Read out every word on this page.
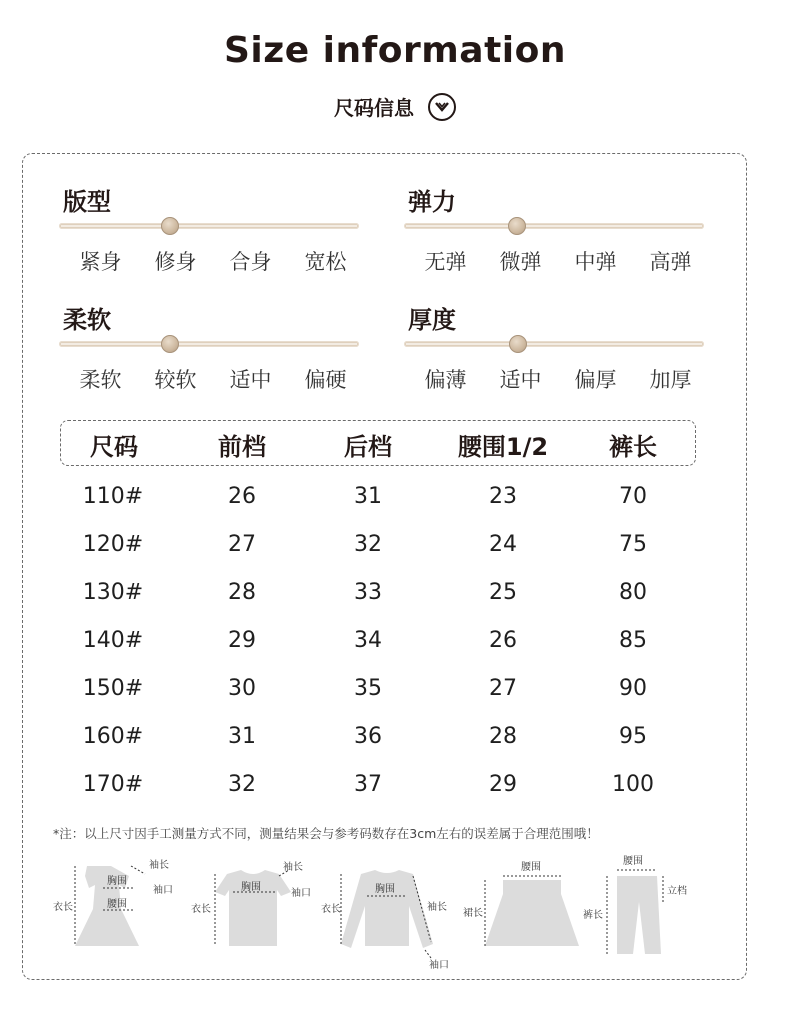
Size information
尺码信息
版型
紧身	修身	合身	宽松
弹力
无弹	微弹	中弹	高弹
柔软
柔软	较软	适中	偏硬
厚度
偏薄	适中	偏厚	加厚
尺码	前档	后档	腰围1/2	裤长
110#	26	31	23	70
120#	27	32	24	75
130#	28	33	25	80
140#	29	34	26	85
150#	30	35	27	90
160#	31	36	28	95
170#	32	37	29	100
*注：以上尺寸因手工测量方式不同，测量结果会与参考码数存在3cm左右的误差属于合理范围哦！
袖长
胸围
袖口
衣长	腰围
袖长
袖口
衣长
胸围	胸围
袖长
衣长
袖口
腰围
裙长
腰围
立档
裤长
